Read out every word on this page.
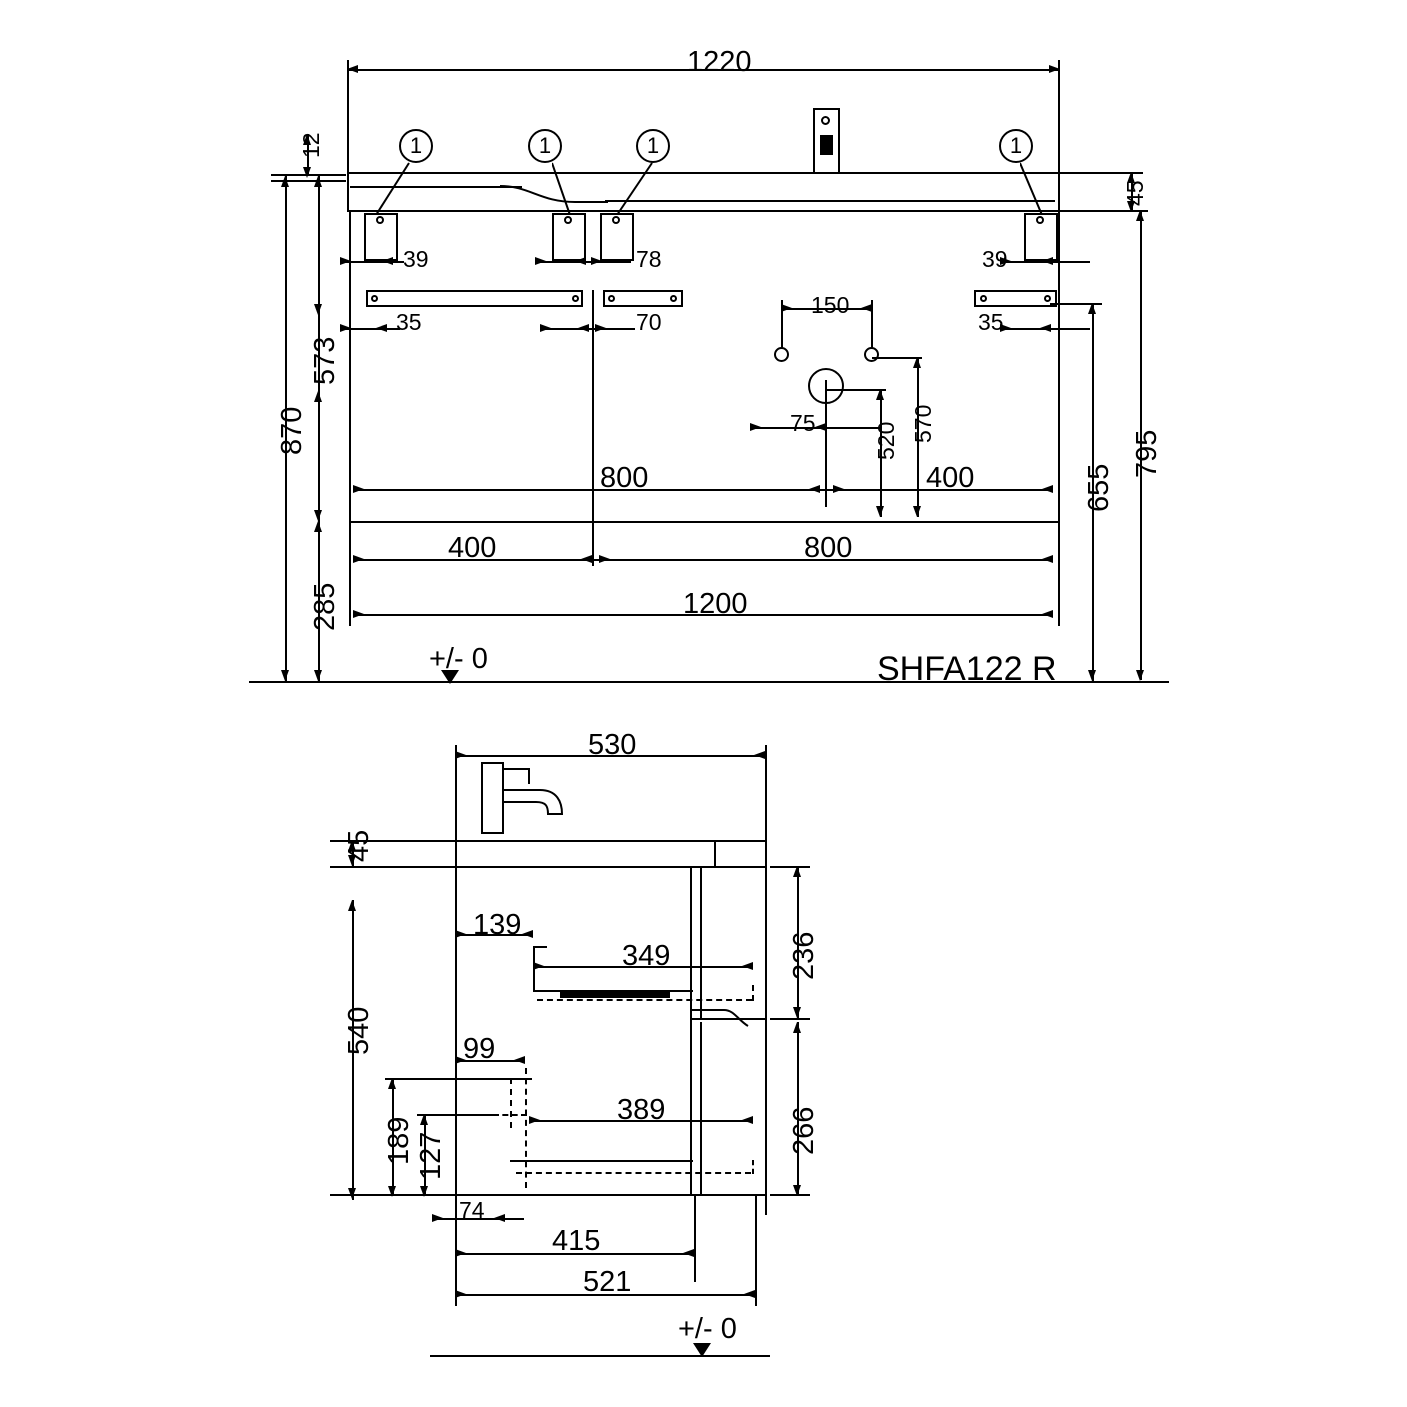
1220
12
45
1	1	1	1
39	78	39
35	70	35
150
75 520 570
800	400
400	800
1200
573
285
870	795
655
+/- 0	SHFA122 R
530
139
349
99
389
45
540
189 127
236
266
74
415
521
+/- 0
